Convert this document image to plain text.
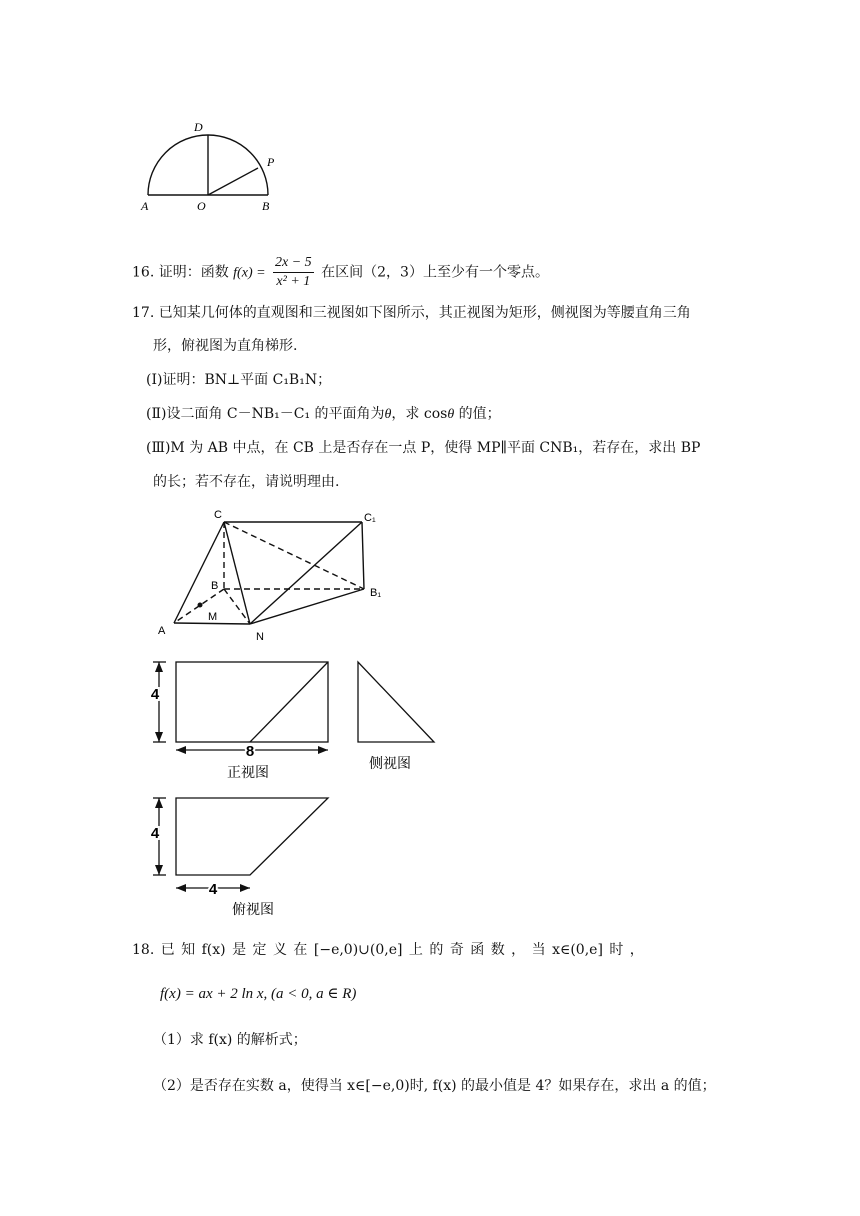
A	O	B
D
P
16. 证明：函数 $f(x) = \frac{2x - 5}{\text{x² + 1}}$ 在区间（2，3）上至少有一个零点。
17. 已知某几何体的直观图和三视图如下图所示，其正视图为矩形，侧视图为等腰直角三角
形，俯视图为直角梯形.
(Ⅰ)证明：BN⊥平面 C₁B₁N；
(Ⅱ)设二面角 C－NB₁－C₁ 的平面角为θ，求 cosθ 的值；
(Ⅲ)M 为 AB 中点，在 CB 上是否存在一点 P，使得 MP∥平面 CNB₁，若存在，求出 BP
的长；若不存在，请说明理由.
C	C₁
B
B₁
A
M
N
4
8
正视图
侧视图
4
4
俯视图
18. 已 知 f(x) 是 定 义 在 [−e,0)∪(0,e] 上 的 奇 函 数 ， 当 x∈(0,e] 时 ，
f(x) = ax + 2 ln x, (a < 0, a ∈ R)
（1）求 f(x) 的解析式；
（2）是否存在实数 a，使得当 x∈[−e,0)时, f(x) 的最小值是 4？如果存在，求出 a 的值；
